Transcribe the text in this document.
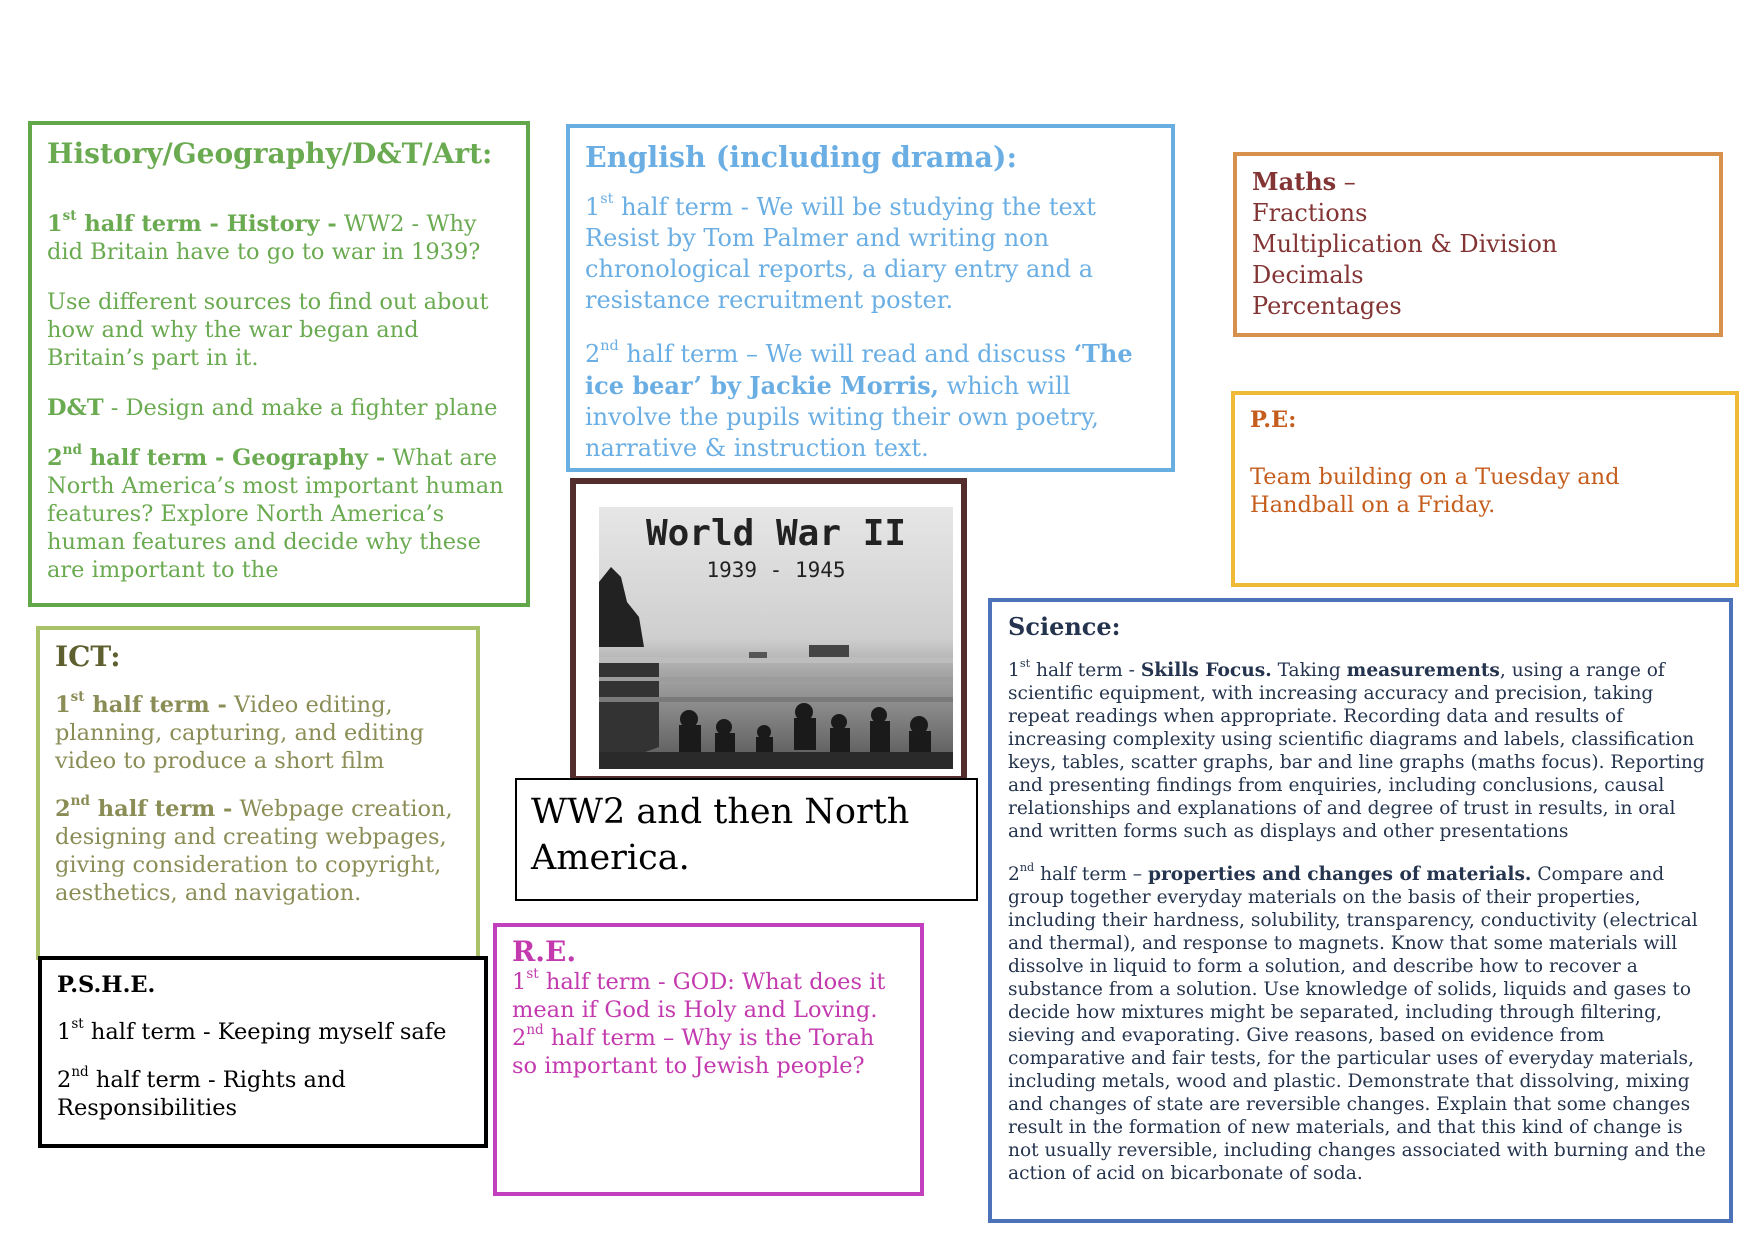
History/Geography/D&T/Art:

1st half term - History - WW2 - Why did Britain have to go to war in 1939?

Use different sources to find out about how and why the war began and Britain’s part in it.

D&T - Design and make a fighter plane

2nd half term - Geography - What are North America’s most important human features? Explore North America’s human features and decide why these are important to the

English (including drama):

1st half term - We will be studying the text Resist by Tom Palmer and writing non chronological reports, a diary entry and a resistance recruitment poster.

2nd half term – We will read and discuss ‘The ice bear’ by Jackie Morris, which will involve the pupils witing their own poetry, narrative & instruction text.

Maths –

Fractions

Multiplication & Division

Decimals

Percentages

P.E:

Team building on a Tuesday and Handball on a Friday.

World War II
1939 - 1945

WW2 and then North America.

ICT:

1st half term - Video editing, planning, capturing, and editing video to produce a short film

2nd half term - Webpage creation, designing and creating webpages, giving consideration to copyright, aesthetics, and navigation.

P.S.H.E.

1st half term - Keeping myself safe

2nd half term - Rights and Responsibilities

R.E.

1st half term - GOD: What does it mean if God is Holy and Loving.

2nd half term – Why is the Torah so important to Jewish people?

Science:

1st half term - Skills Focus. Taking measurements, using a range of scientific equipment, with increasing accuracy and precision, taking repeat readings when appropriate. Recording data and results of increasing complexity using scientific diagrams and labels, classification keys, tables, scatter graphs, bar and line graphs (maths focus). Reporting and presenting findings from enquiries, including conclusions, causal relationships and explanations of and degree of trust in results, in oral and written forms such as displays and other presentations

2nd half term – properties and changes of materials. Compare and group together everyday materials on the basis of their properties, including their hardness, solubility, transparency, conductivity (electrical and thermal), and response to magnets. Know that some materials will dissolve in liquid to form a solution, and describe how to recover a substance from a solution. Use knowledge of solids, liquids and gases to decide how mixtures might be separated, including through filtering, sieving and evaporating. Give reasons, based on evidence from comparative and fair tests, for the particular uses of everyday materials, including metals, wood and plastic. Demonstrate that dissolving, mixing and changes of state are reversible changes. Explain that some changes result in the formation of new materials, and that this kind of change is not usually reversible, including changes associated with burning and the action of acid on bicarbonate of soda.
